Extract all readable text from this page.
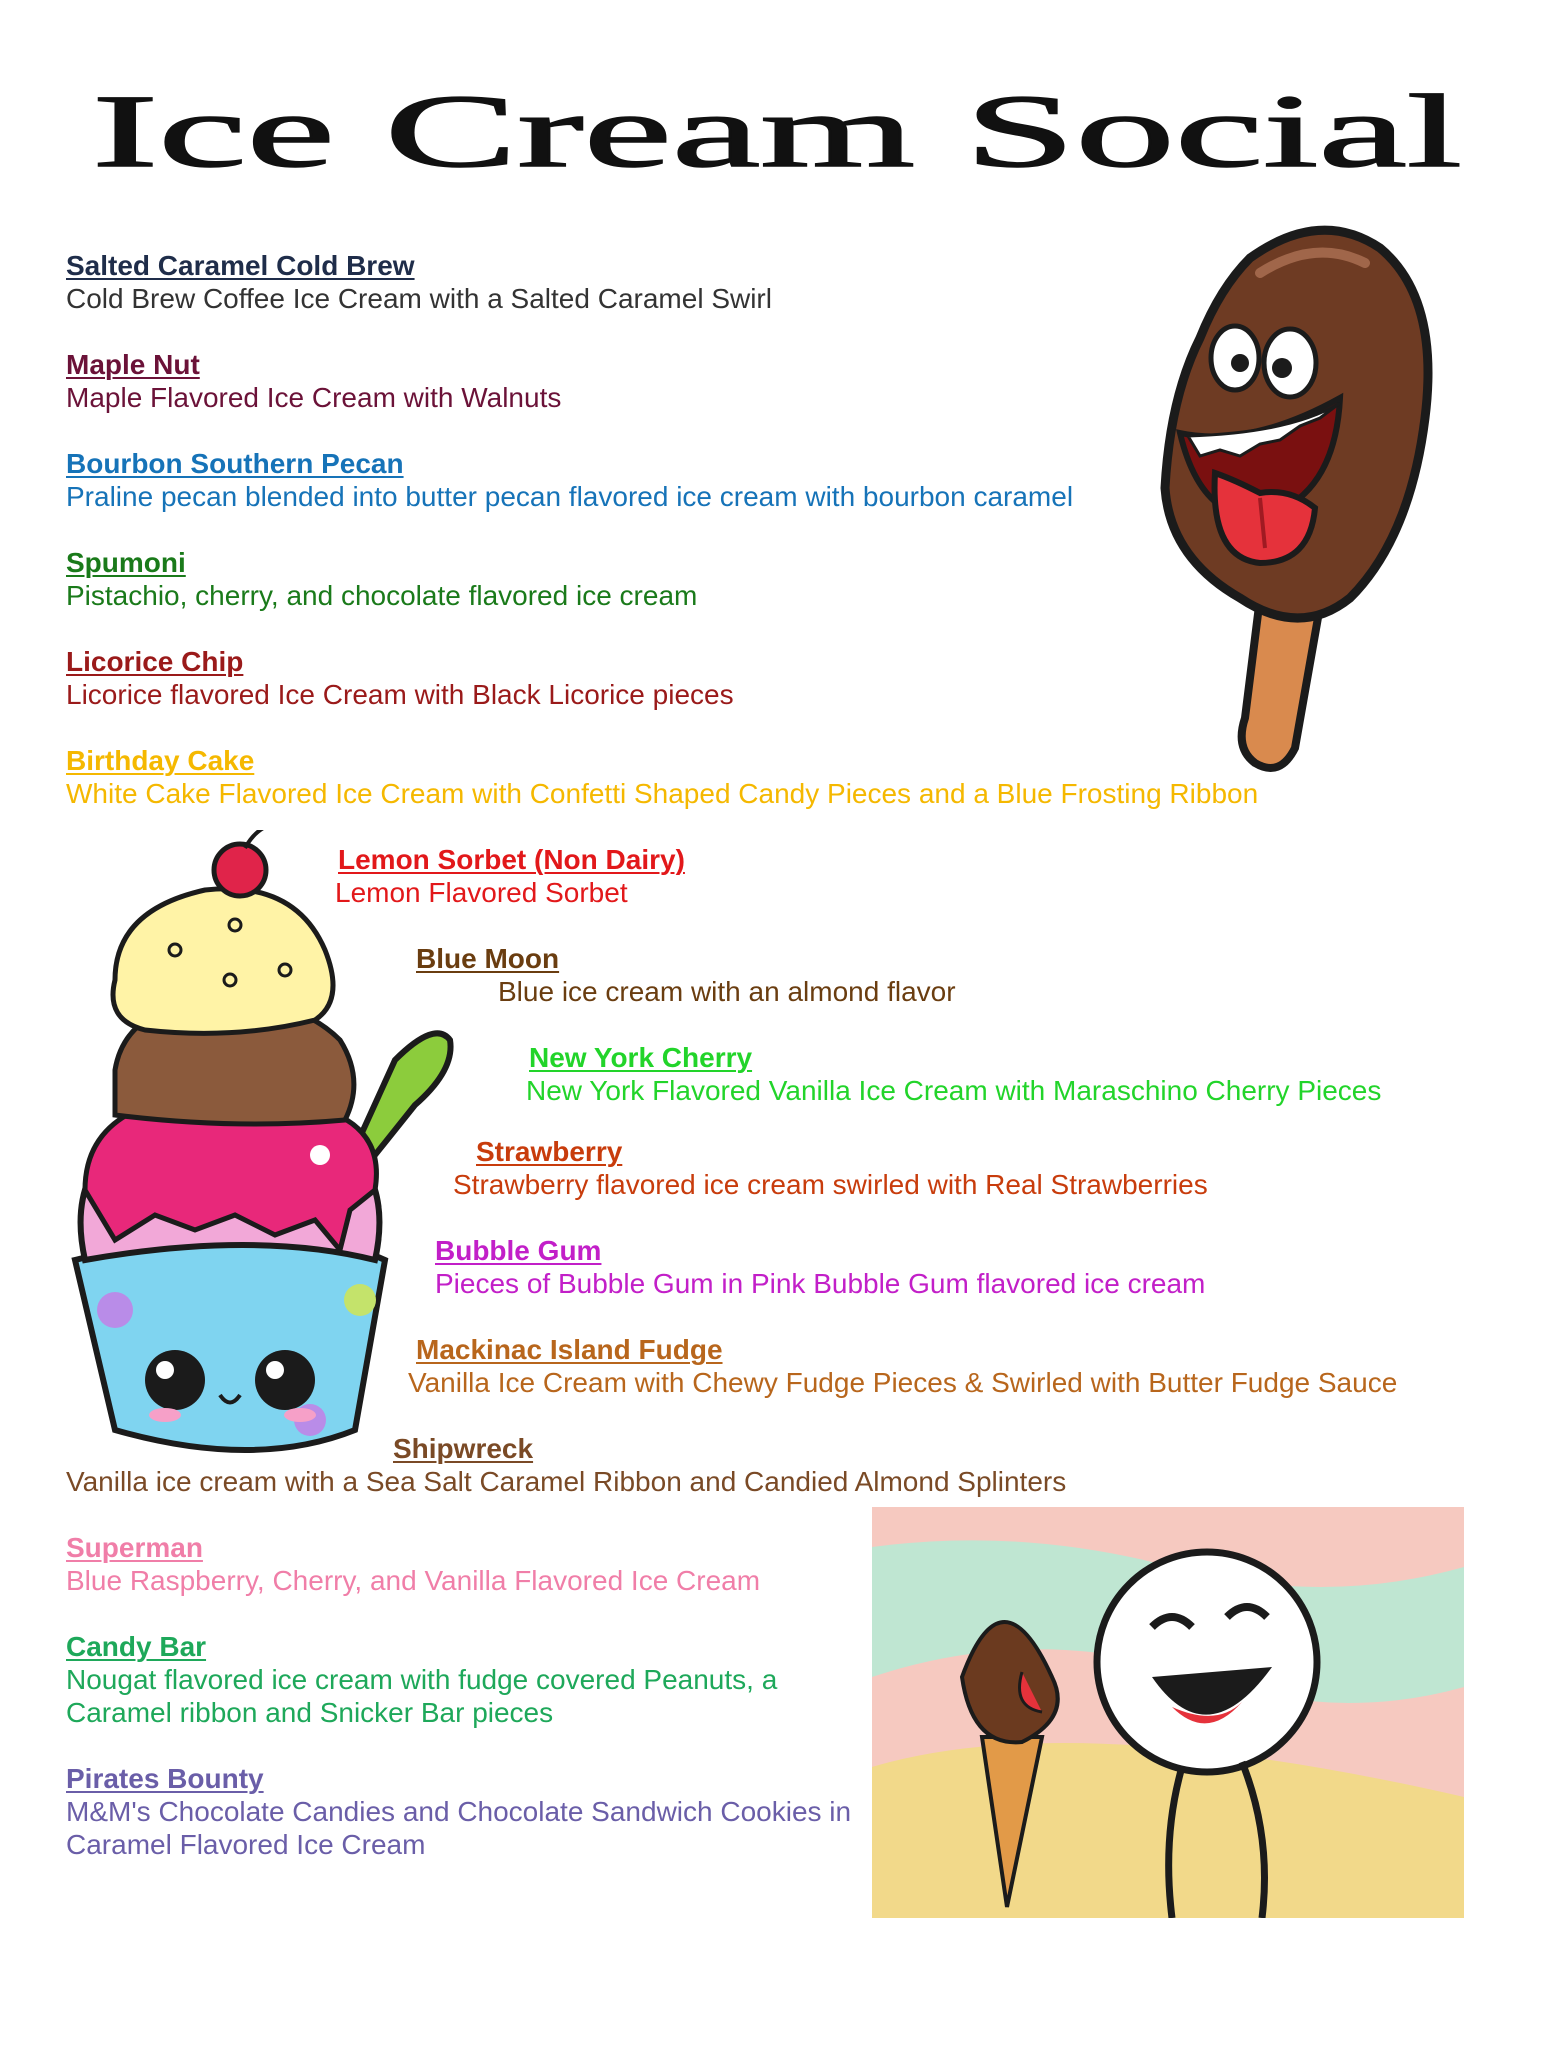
Ice Cream Social
Salted Caramel Cold Brew
Cold Brew Coffee Ice Cream with a Salted Caramel Swirl
Maple Nut
Maple Flavored Ice Cream with Walnuts
Bourbon Southern Pecan
Praline pecan blended into butter pecan flavored ice cream with bourbon caramel
Spumoni
Pistachio, cherry, and chocolate flavored ice cream
Licorice Chip
Licorice flavored Ice Cream with Black Licorice pieces
Birthday Cake
White Cake Flavored Ice Cream with Confetti Shaped Candy Pieces and a Blue Frosting Ribbon
Lemon Sorbet (Non Dairy)
Lemon Flavored Sorbet
Blue Moon
Blue ice cream with an almond flavor
New York Cherry
New York Flavored Vanilla Ice Cream with Maraschino Cherry Pieces
Strawberry
Strawberry flavored ice cream swirled with Real Strawberries
Bubble Gum
Pieces of Bubble Gum in Pink Bubble Gum flavored ice cream
Mackinac Island Fudge
Vanilla Ice Cream with Chewy Fudge Pieces & Swirled with Butter Fudge Sauce
Shipwreck
Vanilla ice cream with a Sea Salt Caramel Ribbon and Candied Almond Splinters
Superman
Blue Raspberry, Cherry, and Vanilla Flavored Ice Cream
Candy Bar
Nougat flavored ice cream with fudge covered Peanuts, a Caramel ribbon and Snicker Bar pieces
Pirates Bounty
M&M's Chocolate Candies and Chocolate Sandwich Cookies in Caramel Flavored Ice Cream
